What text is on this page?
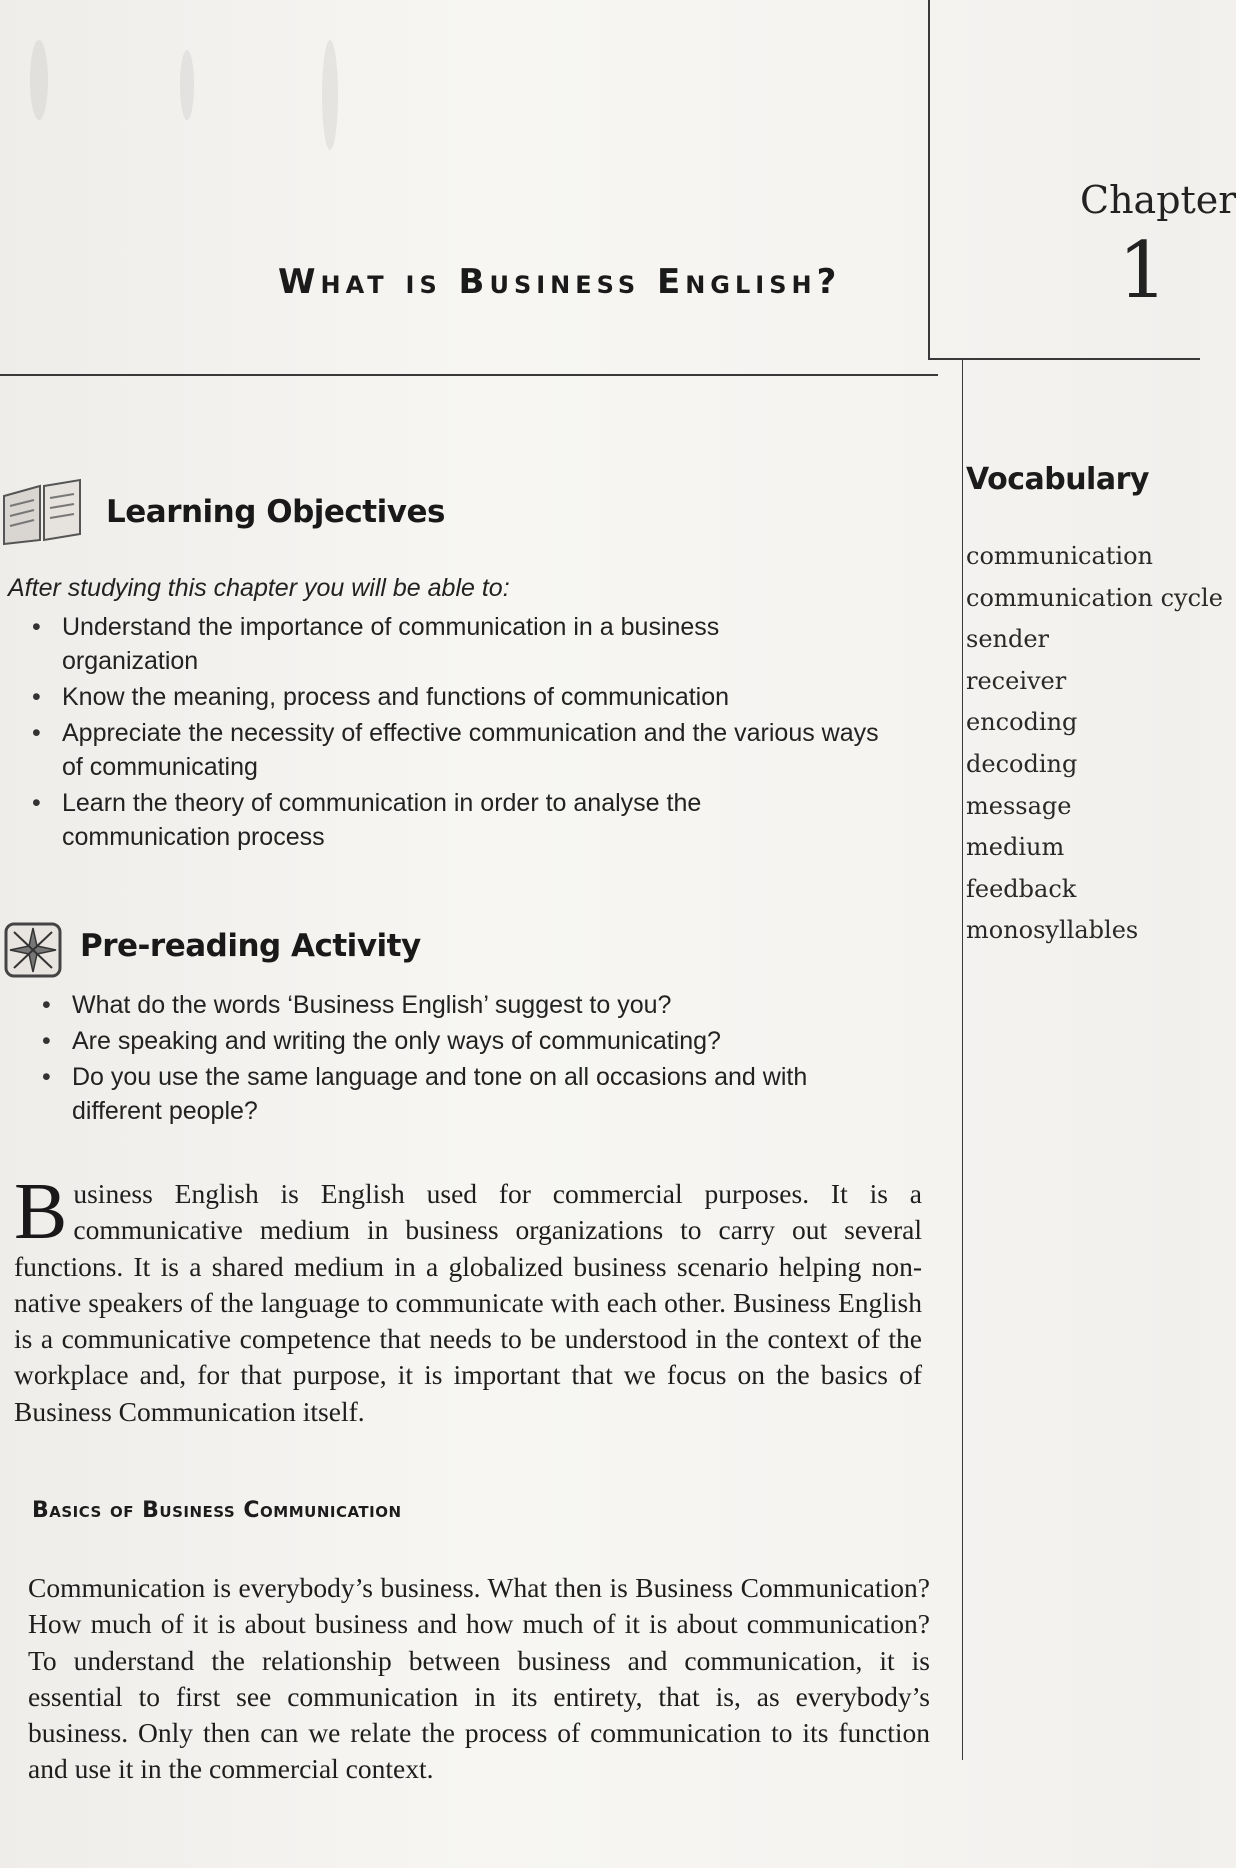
What is Business English?
Chapter
1
Vocabulary
communication
communication cycle
sender
receiver
encoding
decoding
message
medium
feedback
monosyllables
Learning Objectives
After studying this chapter you will be able to:
• Understand the importance of communication in a business organization
• Know the meaning, process and functions of communication
• Appreciate the necessity of effective communication and the various ways of communicating
• Learn the theory of communication in order to analyse the communication process
Pre-reading Activity
• What do the words ‘Business English’ suggest to you?
• Are speaking and writing the only ways of communicating?
• Do you use the same language and tone on all occasions and with different people?

Business English is English used for commercial purposes. It is a communicative medium in business organizations to carry out several functions. It is a shared medium in a globalized business scenario helping non-native speakers of the language to communicate with each other. Business English is a communicative competence that needs to be understood in the context of the workplace and, for that purpose, it is important that we focus on the basics of Business Communication itself.

Basics of Business Communication

Communication is everybody’s business. What then is Business Communication? How much of it is about business and how much of it is about communication? To understand the relationship between business and communication, it is essential to first see communication in its entirety, that is, as everybody’s business. Only then can we relate the process of communication to its function and use it in the commercial context.
